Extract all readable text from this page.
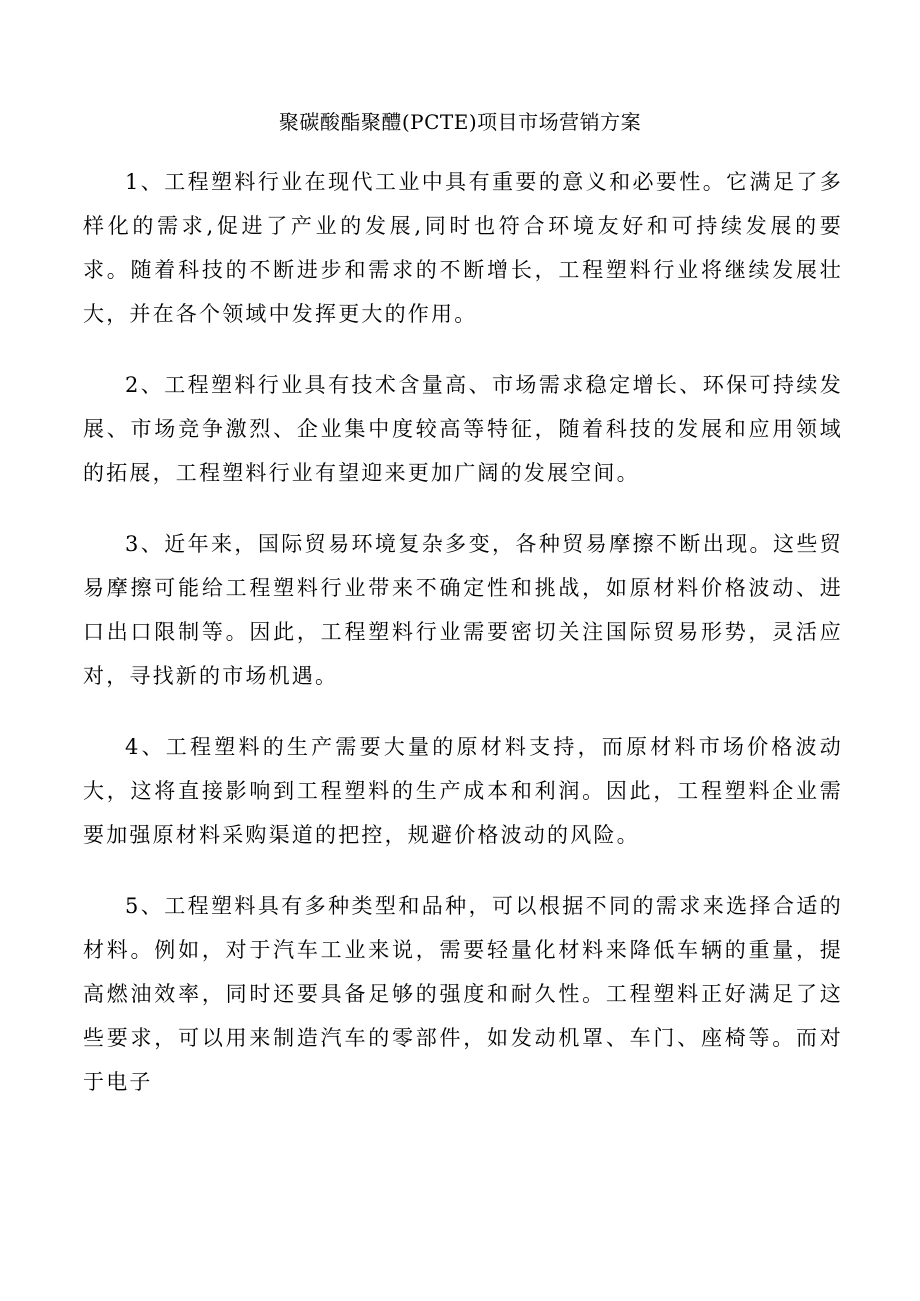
聚碳酸酯聚醴(PCTE)项目市场营销方案

1、工程塑料行业在现代工业中具有重要的意义和必要性。它满足了多样化的需求,促进了产业的发展,同时也符合环境友好和可持续发展的要求。随着科技的不断进步和需求的不断增长，工程塑料行业将继续发展壮大，并在各个领域中发挥更大的作用。

2、工程塑料行业具有技术含量高、市场需求稳定增长、环保可持续发展、市场竞争激烈、企业集中度较高等特征，随着科技的发展和应用领域的拓展，工程塑料行业有望迎来更加广阔的发展空间。

3、近年来，国际贸易环境复杂多变，各种贸易摩擦不断出现。这些贸易摩擦可能给工程塑料行业带来不确定性和挑战，如原材料价格波动、进口出口限制等。因此，工程塑料行业需要密切关注国际贸易形势，灵活应对，寻找新的市场机遇。

4、工程塑料的生产需要大量的原材料支持，而原材料市场价格波动大，这将直接影响到工程塑料的生产成本和利润。因此，工程塑料企业需要加强原材料采购渠道的把控，规避价格波动的风险。

5、工程塑料具有多种类型和品种，可以根据不同的需求来选择合适的材料。例如，对于汽车工业来说，需要轻量化材料来降低车辆的重量，提高燃油效率，同时还要具备足够的强度和耐久性。工程塑料正好满足了这些要求，可以用来制造汽车的零部件，如发动机罩、车门、座椅等。而对于电子
